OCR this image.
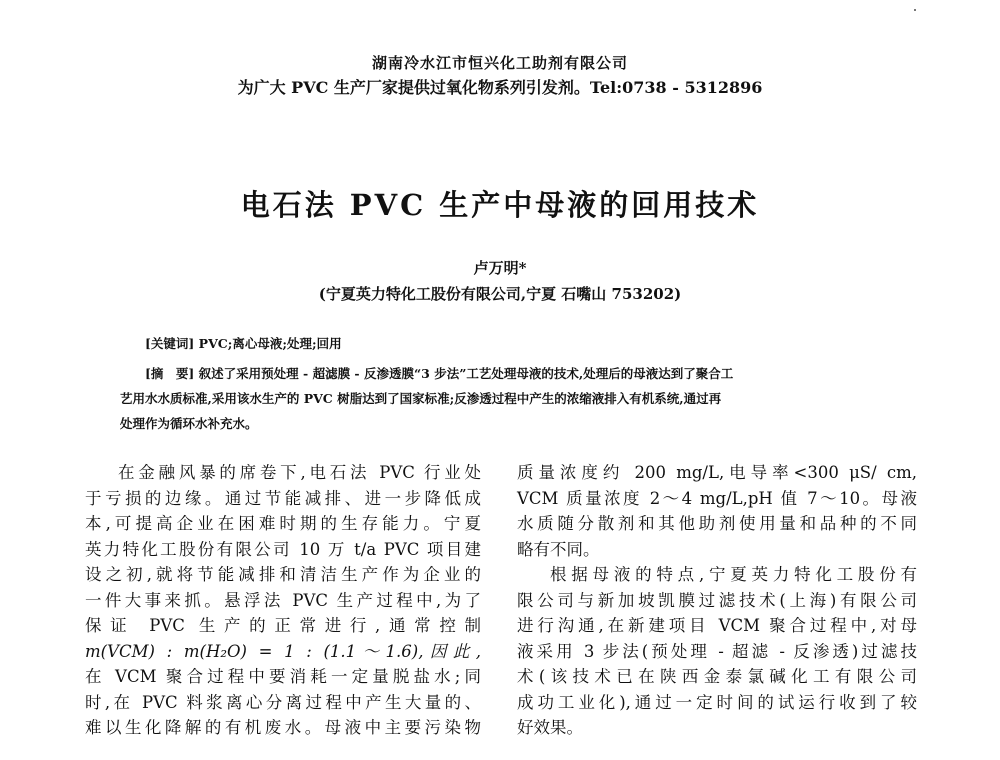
湖南冷水江市恒兴化工助剂有限公司
为广大 PVC 生产厂家提供过氧化物系列引发剂。Tel:0738 - 5312896
电石法 PVC 生产中母液的回用技术
卢万明*
(宁夏英力特化工股份有限公司,宁夏 石嘴山 753202)
[关键词] PVC;离心母液;处理;回用
[摘　要] 叙述了采用预处理 - 超滤膜 - 反渗透膜“3 步法”工艺处理母液的技术,处理后的母液达到了聚合工
艺用水水质标准,采用该水生产的 PVC 树脂达到了国家标准;反渗透过程中产生的浓缩液排入有机系统,通过再
处理作为循环水补充水。
在金融风暴的席卷下,电石法 PVC 行业处
于亏损的边缘。通过节能减排、进一步降低成
本,可提高企业在困难时期的生存能力。宁夏
英力特化工股份有限公司 10 万 t/a PVC 项目建
设之初,就将节能减排和清洁生产作为企业的
一件大事来抓。悬浮法 PVC 生产过程中,为了
保证 PVC 生产的正常进行,通常控制
m(VCM) : m(H₂O) = 1 : (1.1～1.6),因此,
在 VCM 聚合过程中要消耗一定量脱盐水;同
时,在 PVC 料浆离心分离过程中产生大量的、
难以生化降解的有机废水。母液中主要污染物
质量浓度约 200 mg/L,电导率<300 μS/ cm,
VCM 质量浓度 2～4 mg/L,pH 值 7～10。母液
水质随分散剂和其他助剂使用量和品种的不同
略有不同。
根据母液的特点,宁夏英力特化工股份有
限公司与新加坡凯膜过滤技术(上海)有限公司
进行沟通,在新建项目 VCM 聚合过程中,对母
液采用 3 步法(预处理 - 超滤 - 反渗透)过滤技
术(该技术已在陕西金泰氯碱化工有限公司
成功工业化),通过一定时间的试运行收到了较
好效果。
